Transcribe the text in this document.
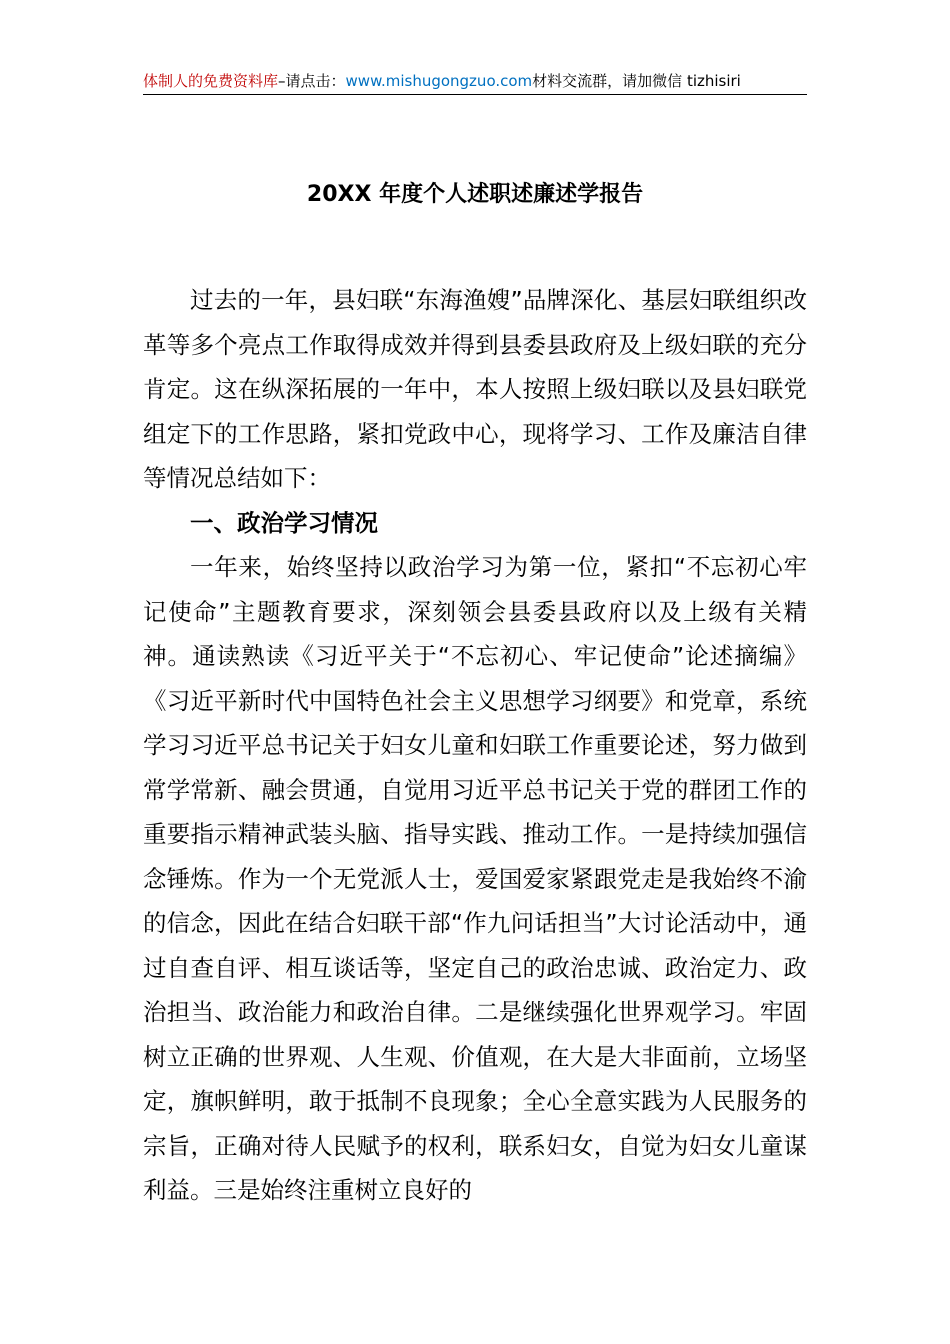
体制人的免费资料库–请点击：www.mishugongzuo.com材料交流群，请加微信 tizhisiri
20XX 年度个人述职述廉述学报告

过去的一年，县妇联“东海渔嫂”品牌深化、基层妇联组织改革等多个亮点工作取得成效并得到县委县政府及上级妇联的充分肯定。这在纵深拓展的一年中，本人按照上级妇联以及县妇联党组定下的工作思路，紧扣党政中心，现将学习、工作及廉洁自律等情况总结如下：

一、政治学习情况

一年来，始终坚持以政治学习为第一位，紧扣“不忘初心牢记使命”主题教育要求，深刻领会县委县政府以及上级有关精神。通读熟读《习近平关于“不忘初心、牢记使命”论述摘编》《习近平新时代中国特色社会主义思想学习纲要》和党章，系统学习习近平总书记关于妇女儿童和妇联工作重要论述，努力做到常学常新、融会贯通，自觉用习近平总书记关于党的群团工作的重要指示精神武装头脑、指导实践、推动工作。一是持续加强信念锤炼。作为一个无党派人士，爱国爱家紧跟党走是我始终不渝的信念，因此在结合妇联干部“作九问话担当”大讨论活动中，通过自查自评、相互谈话等，坚定自己的政治忠诚、政治定力、政治担当、政治能力和政治自律。二是继续强化世界观学习。牢固树立正确的世界观、人生观、价值观，在大是大非面前，立场坚定，旗帜鲜明，敢于抵制不良现象；全心全意实践为人民服务的宗旨，正确对待人民赋予的权利，联系妇女，自觉为妇女儿童谋利益。三是始终注重树立良好的
